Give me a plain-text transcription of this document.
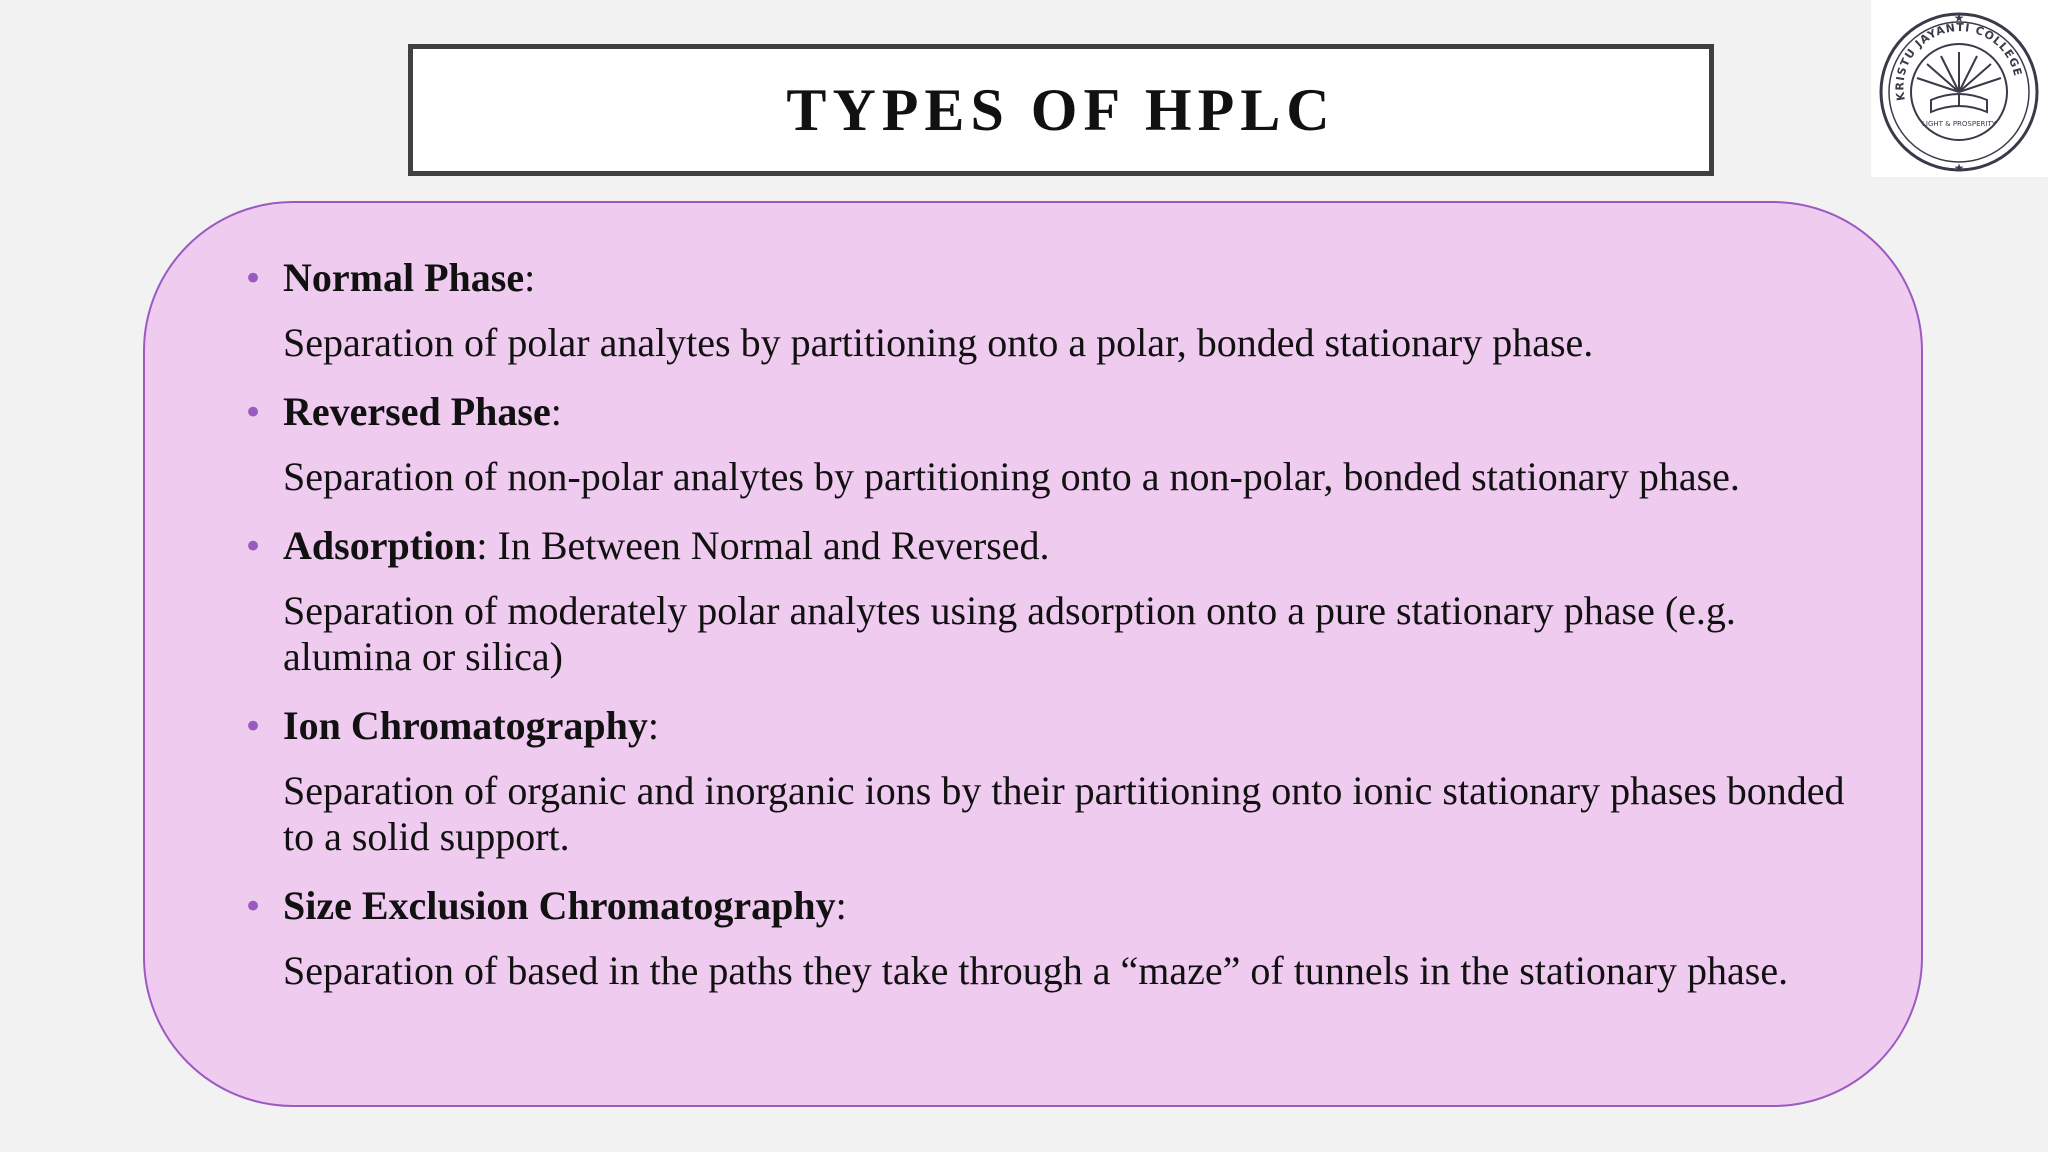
TYPES OF HPLC	KRISTU JAYANTI COLLEGE
LIGHT & PROSPERITY
★
★
• Normal Phase:

Separation of polar analytes by partitioning onto a polar, bonded stationary phase.

• Reversed Phase:

Separation of non-polar analytes by partitioning onto a non-polar, bonded stationary phase.

• Adsorption: In Between Normal and Reversed.

Separation of moderately polar analytes using adsorption onto a pure stationary phase (e.g. alumina or silica)

• Ion Chromatography:

Separation of organic and inorganic ions by their partitioning onto ionic stationary phases bonded to a solid support.

• Size Exclusion Chromatography:

Separation of based in the paths they take through a “maze” of tunnels in the stationary phase.
